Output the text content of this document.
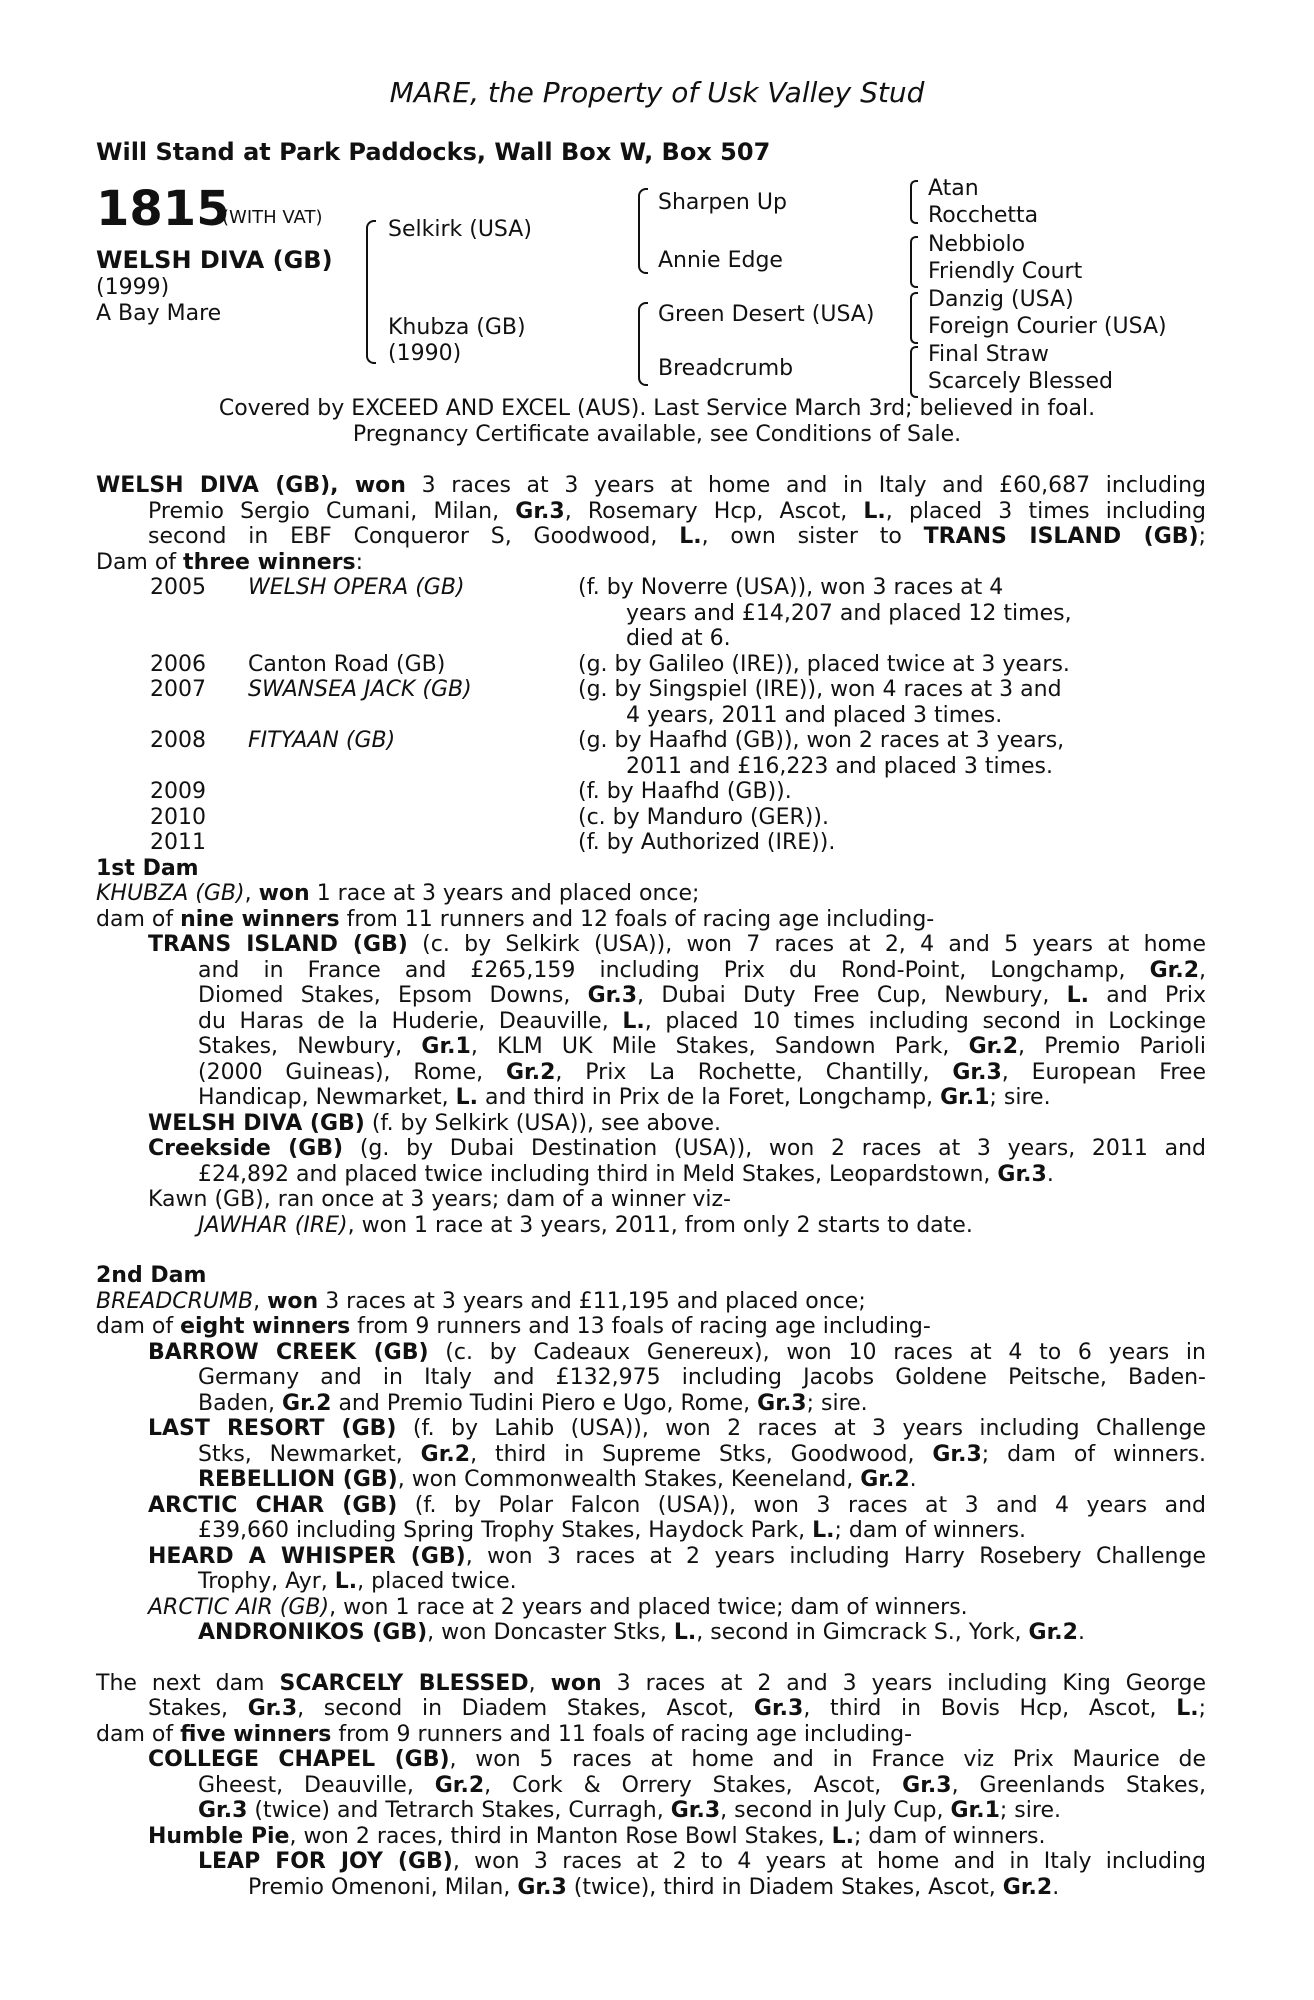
MARE, the Property of Usk Valley Stud
Will Stand at Park Paddocks, Wall Box W, Box 507
1815
(WITH VAT)
WELSH DIVA (GB)
(1999)
A Bay Mare
Selkirk (USA)
Khubza (GB)
(1990)
Sharpen Up
Annie Edge
Green Desert (USA)
Breadcrumb
Atan
Rocchetta
Nebbiolo
Friendly Court
Danzig (USA)
Foreign Courier (USA)
Final Straw
Scarcely Blessed
Covered by EXCEED AND EXCEL (AUS). Last Service March 3rd; believed in foal.
Pregnancy Certificate available, see Conditions of Sale.
WELSH DIVA (GB), won 3 races at 3 years at home and in Italy and £60,687 including
Premio Sergio Cumani, Milan, Gr.3, Rosemary Hcp, Ascot, L., placed 3 times including
second in EBF Conqueror S, Goodwood, L., own sister to TRANS ISLAND (GB);
Dam of three winners:
2005 WELSH OPERA (GB)	(f. by Noverre (USA)), won 3 races at 4
years and £14,207 and placed 12 times,
died at 6.
2006 Canton Road (GB)	(g. by Galileo (IRE)), placed twice at 3 years.
2007 SWANSEA JACK (GB)	(g. by Singspiel (IRE)), won 4 races at 3 and
4 years, 2011 and placed 3 times.
2008 FITYAAN (GB)	(g. by Haafhd (GB)), won 2 races at 3 years,
2011 and £16,223 and placed 3 times.
2009	(f. by Haafhd (GB)).
2010	(c. by Manduro (GER)).
2011	(f. by Authorized (IRE)).
1st Dam
KHUBZA (GB), won 1 race at 3 years and placed once;
dam of nine winners from 11 runners and 12 foals of racing age including-
TRANS ISLAND (GB) (c. by Selkirk (USA)), won 7 races at 2, 4 and 5 years at home
and in France and £265,159 including Prix du Rond-Point, Longchamp, Gr.2,
Diomed Stakes, Epsom Downs, Gr.3, Dubai Duty Free Cup, Newbury, L. and Prix
du Haras de la Huderie, Deauville, L., placed 10 times including second in Lockinge
Stakes, Newbury, Gr.1, KLM UK Mile Stakes, Sandown Park, Gr.2, Premio Parioli
(2000 Guineas), Rome, Gr.2, Prix La Rochette, Chantilly, Gr.3, European Free
Handicap, Newmarket, L. and third in Prix de la Foret, Longchamp, Gr.1; sire.
WELSH DIVA (GB) (f. by Selkirk (USA)), see above.
Creekside (GB) (g. by Dubai Destination (USA)), won 2 races at 3 years, 2011 and
£24,892 and placed twice including third in Meld Stakes, Leopardstown, Gr.3.
Kawn (GB), ran once at 3 years; dam of a winner viz-
JAWHAR (IRE), won 1 race at 3 years, 2011, from only 2 starts to date.
2nd Dam
BREADCRUMB, won 3 races at 3 years and £11,195 and placed once;
dam of eight winners from 9 runners and 13 foals of racing age including-
BARROW CREEK (GB) (c. by Cadeaux Genereux), won 10 races at 4 to 6 years in
Germany and in Italy and £132,975 including Jacobs Goldene Peitsche, Baden-
Baden, Gr.2 and Premio Tudini Piero e Ugo, Rome, Gr.3; sire.
LAST RESORT (GB) (f. by Lahib (USA)), won 2 races at 3 years including Challenge
Stks, Newmarket, Gr.2, third in Supreme Stks, Goodwood, Gr.3; dam of winners.
REBELLION (GB), won Commonwealth Stakes, Keeneland, Gr.2.
ARCTIC CHAR (GB) (f. by Polar Falcon (USA)), won 3 races at 3 and 4 years and
£39,660 including Spring Trophy Stakes, Haydock Park, L.; dam of winners.
HEARD A WHISPER (GB), won 3 races at 2 years including Harry Rosebery Challenge
Trophy, Ayr, L., placed twice.
ARCTIC AIR (GB), won 1 race at 2 years and placed twice; dam of winners.
ANDRONIKOS (GB), won Doncaster Stks, L., second in Gimcrack S., York, Gr.2.
The next dam SCARCELY BLESSED, won 3 races at 2 and 3 years including King George
Stakes, Gr.3, second in Diadem Stakes, Ascot, Gr.3, third in Bovis Hcp, Ascot, L.;
dam of five winners from 9 runners and 11 foals of racing age including-
COLLEGE CHAPEL (GB), won 5 races at home and in France viz Prix Maurice de
Gheest, Deauville, Gr.2, Cork & Orrery Stakes, Ascot, Gr.3, Greenlands Stakes,
Gr.3 (twice) and Tetrarch Stakes, Curragh, Gr.3, second in July Cup, Gr.1; sire.
Humble Pie, won 2 races, third in Manton Rose Bowl Stakes, L.; dam of winners.
LEAP FOR JOY (GB), won 3 races at 2 to 4 years at home and in Italy including
Premio Omenoni, Milan, Gr.3 (twice), third in Diadem Stakes, Ascot, Gr.2.
